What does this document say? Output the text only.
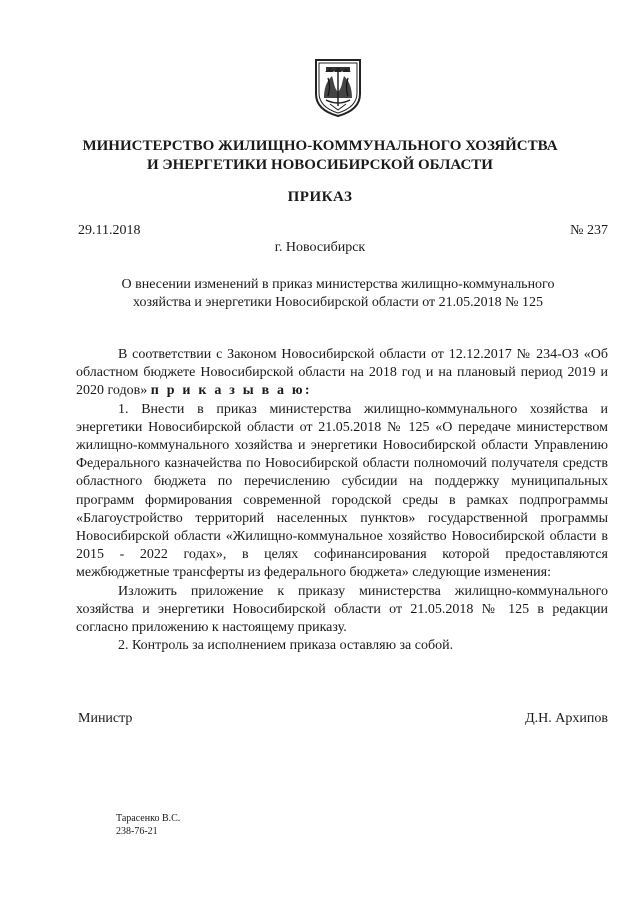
МИНИСТЕРСТВО ЖИЛИЩНО-КОММУНАЛЬНОГО ХОЗЯЙСТВА
И ЭНЕРГЕТИКИ НОВОСИБИРСКОЙ ОБЛАСТИ
ПРИКАЗ
29.11.2018	№ 237
г. Новосибирск
О внесении изменений в приказ министерства жилищно-коммунального
хозяйства и энергетики Новосибирской области от 21.05.2018 № 125

В соответствии с Законом Новосибирской области от 12.12.2017 № 234-ОЗ «Об областном бюджете Новосибирской области на 2018 год и на плановый период 2019 и 2020 годов» п р и к а з ы в а ю:

1. Внести в приказ министерства жилищно-коммунального хозяйства и энергетики Новосибирской области от 21.05.2018 № 125 «О передаче министерством жилищно-коммунального хозяйства и энергетики Новосибирской области Управлению Федерального казначейства по Новосибирской области полномочий получателя средств областного бюджета по перечислению субсидии на поддержку муниципальных программ формирования современной городской среды в рамках подпрограммы «Благоустройство территорий населенных пунктов» государственной программы Новосибирской области «Жилищно-коммунальное хозяйство Новосибирской области в 2015 - 2022 годах», в целях софинансирования которой предоставляются межбюджетные трансферты из федерального бюджета» следующие изменения:

Изложить приложение к приказу министерства жилищно-коммунального хозяйства и энергетики Новосибирской области от 21.05.2018 № 125 в редакции согласно приложению к настоящему приказу.

2. Контроль за исполнением приказа оставляю за собой.

Министр	Д.Н. Архипов
Тарасенко В.С.
238-76-21
